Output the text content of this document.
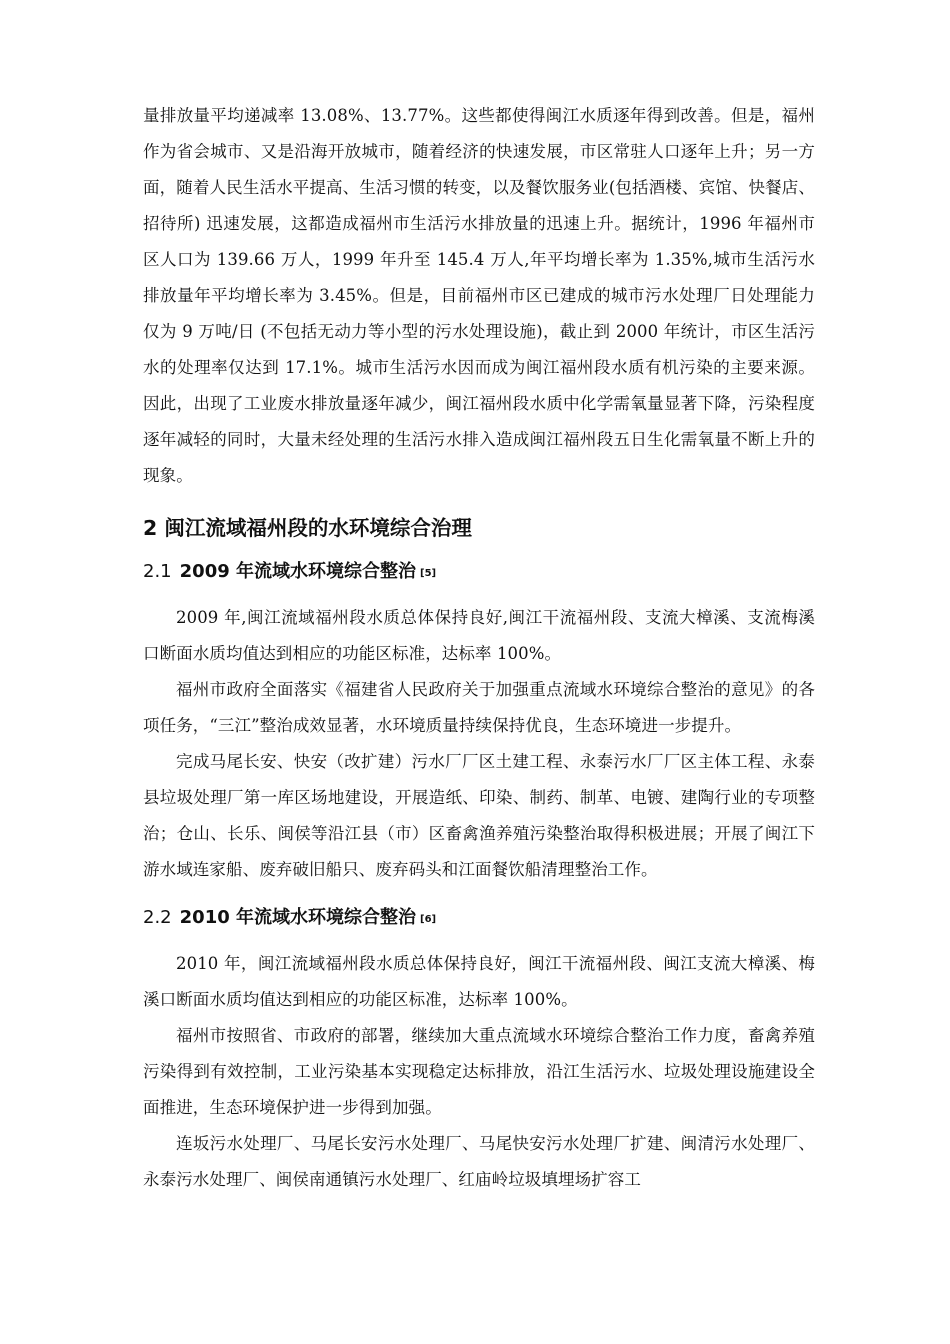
量排放量平均递减率 13.08%、13.77%。这些都使得闽江水质逐年得到改善。但是，福州作为省会城市、又是沿海开放城市，随着经济的快速发展，市区常驻人口逐年上升；另一方面，随着人民生活水平提高、生活习惯的转变，以及餐饮服务业(包括酒楼、宾馆、快餐店、招待所) 迅速发展，这都造成福州市生活污水排放量的迅速上升。据统计，1996 年福州市区人口为 139.66 万人，1999 年升至 145.4 万人,年平均增长率为 1.35%,城市生活污水排放量年平均增长率为 3.45%。但是，目前福州市区已建成的城市污水处理厂日处理能力仅为 9 万吨/日 (不包括无动力等小型的污水处理设施)，截止到 2000 年统计，市区生活污水的处理率仅达到 17.1%。城市生活污水因而成为闽江福州段水质有机污染的主要来源。因此，出现了工业废水排放量逐年减少，闽江福州段水质中化学需氧量显著下降，污染程度逐年减轻的同时，大量未经处理的生活污水排入造成闽江福州段五日生化需氧量不断上升的现象。

2 闽江流域福州段的水环境综合治理
2.1 2009 年流域水环境综合整治 [5]

2009 年,闽江流域福州段水质总体保持良好,闽江干流福州段、支流大樟溪、支流梅溪口断面水质均值达到相应的功能区标准，达标率 100%。

福州市政府全面落实《福建省人民政府关于加强重点流域水环境综合整治的意见》的各项任务，“三江”整治成效显著，水环境质量持续保持优良，生态环境进一步提升。

完成马尾长安、快安（改扩建）污水厂厂区土建工程、永泰污水厂厂区主体工程、永泰县垃圾处理厂第一库区场地建设，开展造纸、印染、制药、制革、电镀、建陶行业的专项整治；仓山、长乐、闽侯等沿江县（市）区畜禽渔养殖污染整治取得积极进展；开展了闽江下游水域连家船、废弃破旧船只、废弃码头和江面餐饮船清理整治工作。

2.2 2010 年流域水环境综合整治 [6]

2010 年，闽江流域福州段水质总体保持良好，闽江干流福州段、闽江支流大樟溪、梅溪口断面水质均值达到相应的功能区标准，达标率 100%。

福州市按照省、市政府的部署，继续加大重点流域水环境综合整治工作力度，畜禽养殖污染得到有效控制，工业污染基本实现稳定达标排放，沿江生活污水、垃圾处理设施建设全面推进，生态环境保护进一步得到加强。

连坂污水处理厂、马尾长安污水处理厂、马尾快安污水处理厂扩建、闽清污水处理厂、永泰污水处理厂、闽侯南通镇污水处理厂、红庙岭垃圾填埋场扩容工
